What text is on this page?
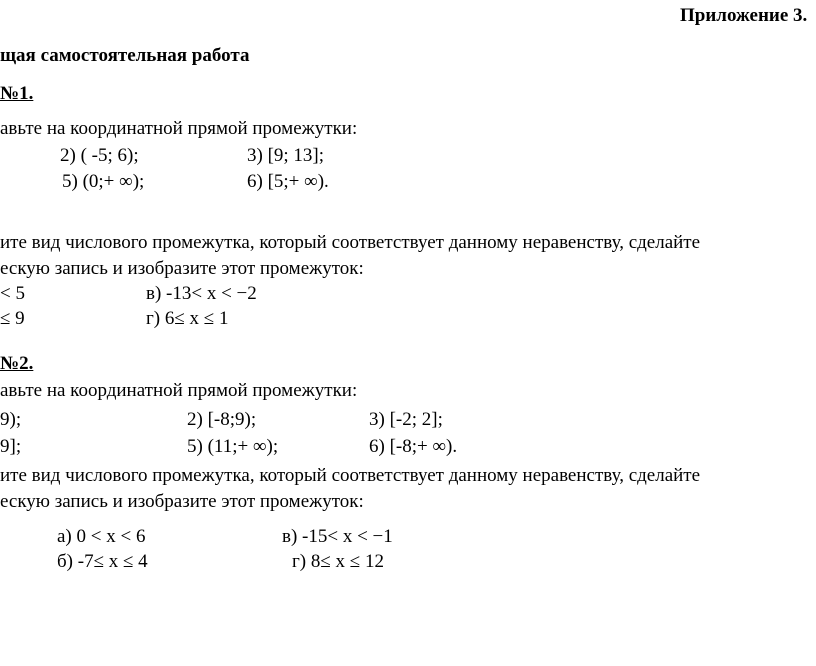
Приложение 3.
щая самостоятельная работа
№1.
авьте на координатной прямой промежутки:
2) ( -5; 6);	3) [9; 13];
5) (0;+ ∞);	6) [5;+ ∞).
ите вид числового промежутка, который соответствует данному неравенству, сделайте
ескую запись и изобразите этот промежуток:
< 5	в) -13< x < −2
≤ 9	г) 6≤ x ≤ 1
№2.
авьте на координатной прямой промежутки:
9);	2) [-8;9);	3) [-2; 2];
9];	5) (11;+ ∞);	6) [-8;+ ∞).
ите вид числового промежутка, который соответствует данному неравенству, сделайте
ескую запись и изобразите этот промежуток:
а) 0 < x < 6	в) -15< x < −1
б) -7≤ x ≤ 4	г) 8≤ x ≤ 12
